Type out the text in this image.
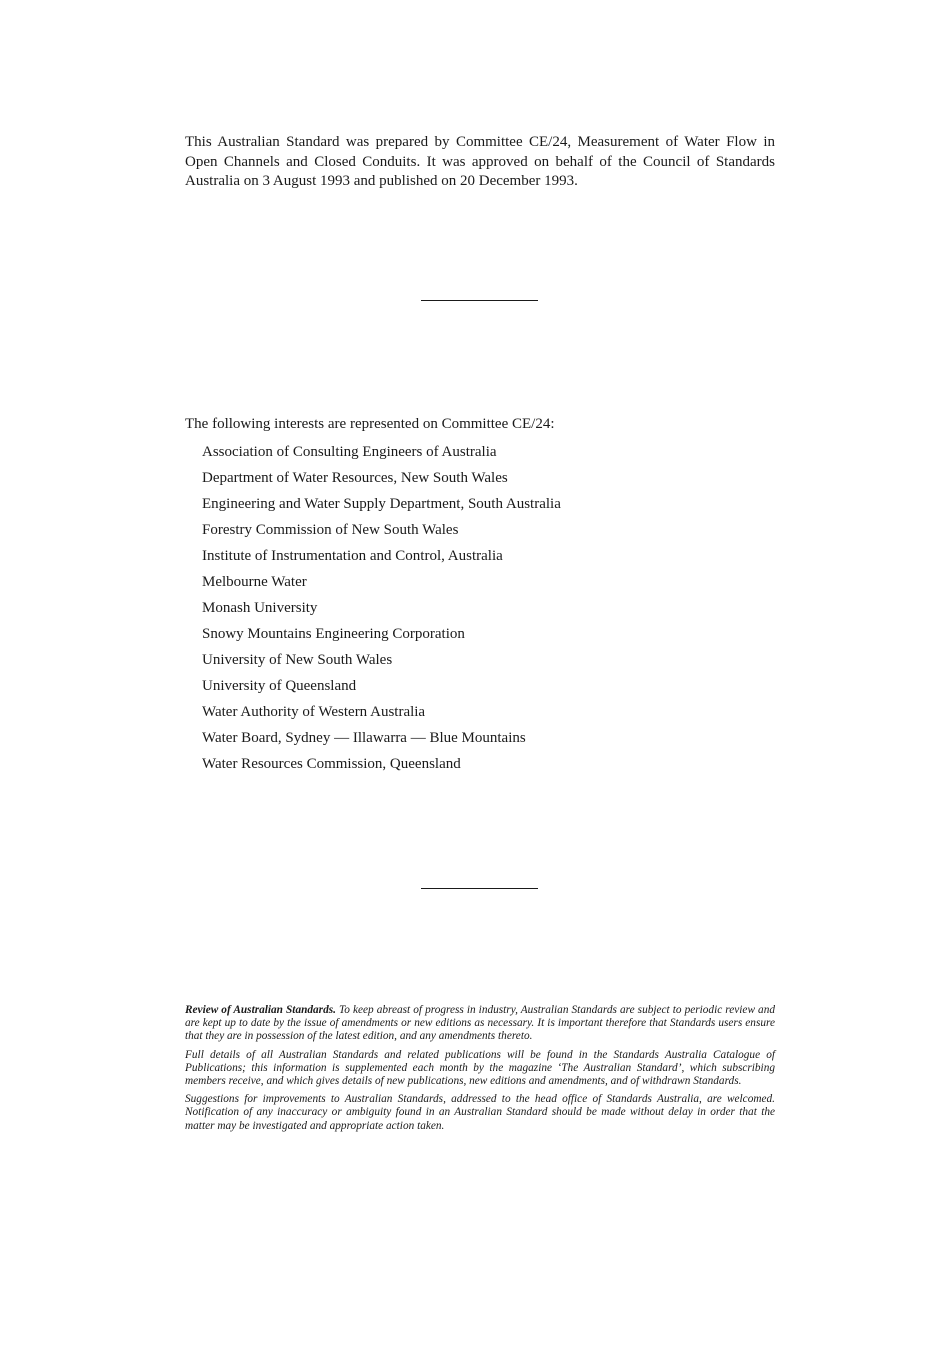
This Australian Standard was prepared by Committee CE/24, Measurement of Water Flow in Open Channels and Closed Conduits. It was approved on behalf of the Council of Standards Australia on 3 August 1993 and published on 20 December 1993.

The following interests are represented on Committee CE/24:

Association of Consulting Engineers of Australia
Department of Water Resources, New South Wales
Engineering and Water Supply Department, South Australia
Forestry Commission of New South Wales
Institute of Instrumentation and Control, Australia
Melbourne Water
Monash University
Snowy Mountains Engineering Corporation
University of New South Wales
University of Queensland
Water Authority of Western Australia
Water Board, Sydney — Illawarra — Blue Mountains
Water Resources Commission, Queensland

Review of Australian Standards. To keep abreast of progress in industry, Australian Standards are subject to periodic review and are kept up to date by the issue of amendments or new editions as necessary. It is important therefore that Standards users ensure that they are in possession of the latest edition, and any amendments thereto.

Full details of all Australian Standards and related publications will be found in the Standards Australia Catalogue of Publications; this information is supplemented each month by the magazine ‘The Australian Standard’, which subscribing members receive, and which gives details of new publications, new editions and amendments, and of withdrawn Standards.

Suggestions for improvements to Australian Standards, addressed to the head office of Standards Australia, are welcomed. Notification of any inaccuracy or ambiguity found in an Australian Standard should be made without delay in order that the matter may be investigated and appropriate action taken.
